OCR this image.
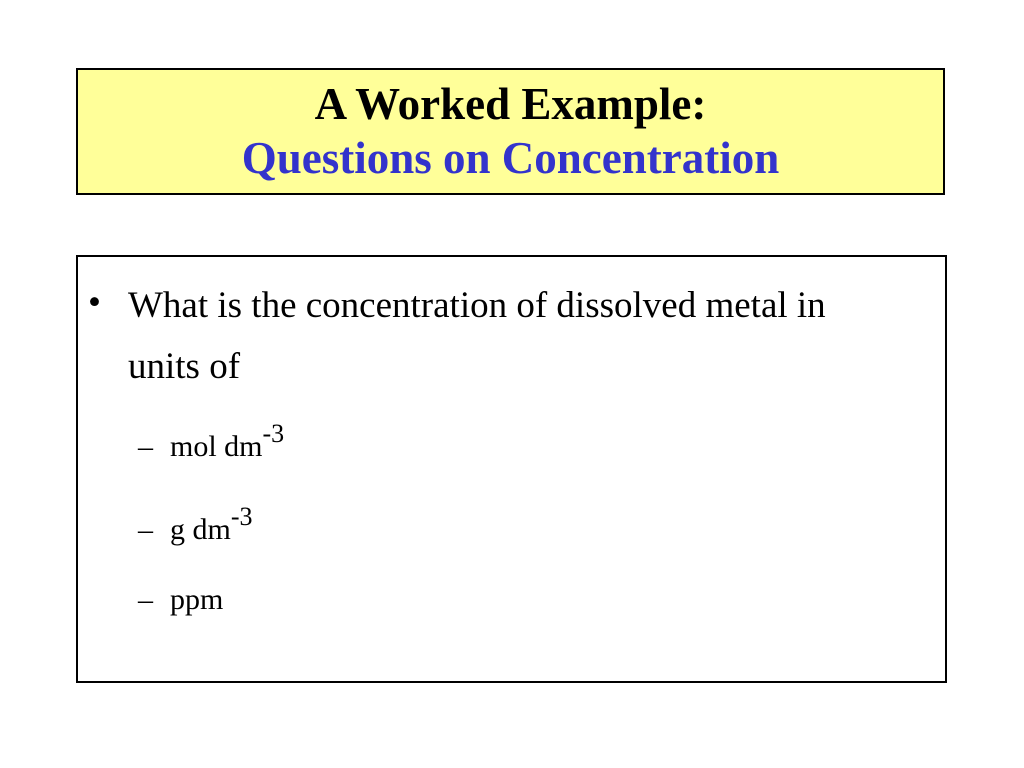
A Worked Example:
Questions on Concentration
• What is the concentration of dissolved metal in units of
– mol $dm^{-3}$
– g $dm^{-3}$
– ppm
